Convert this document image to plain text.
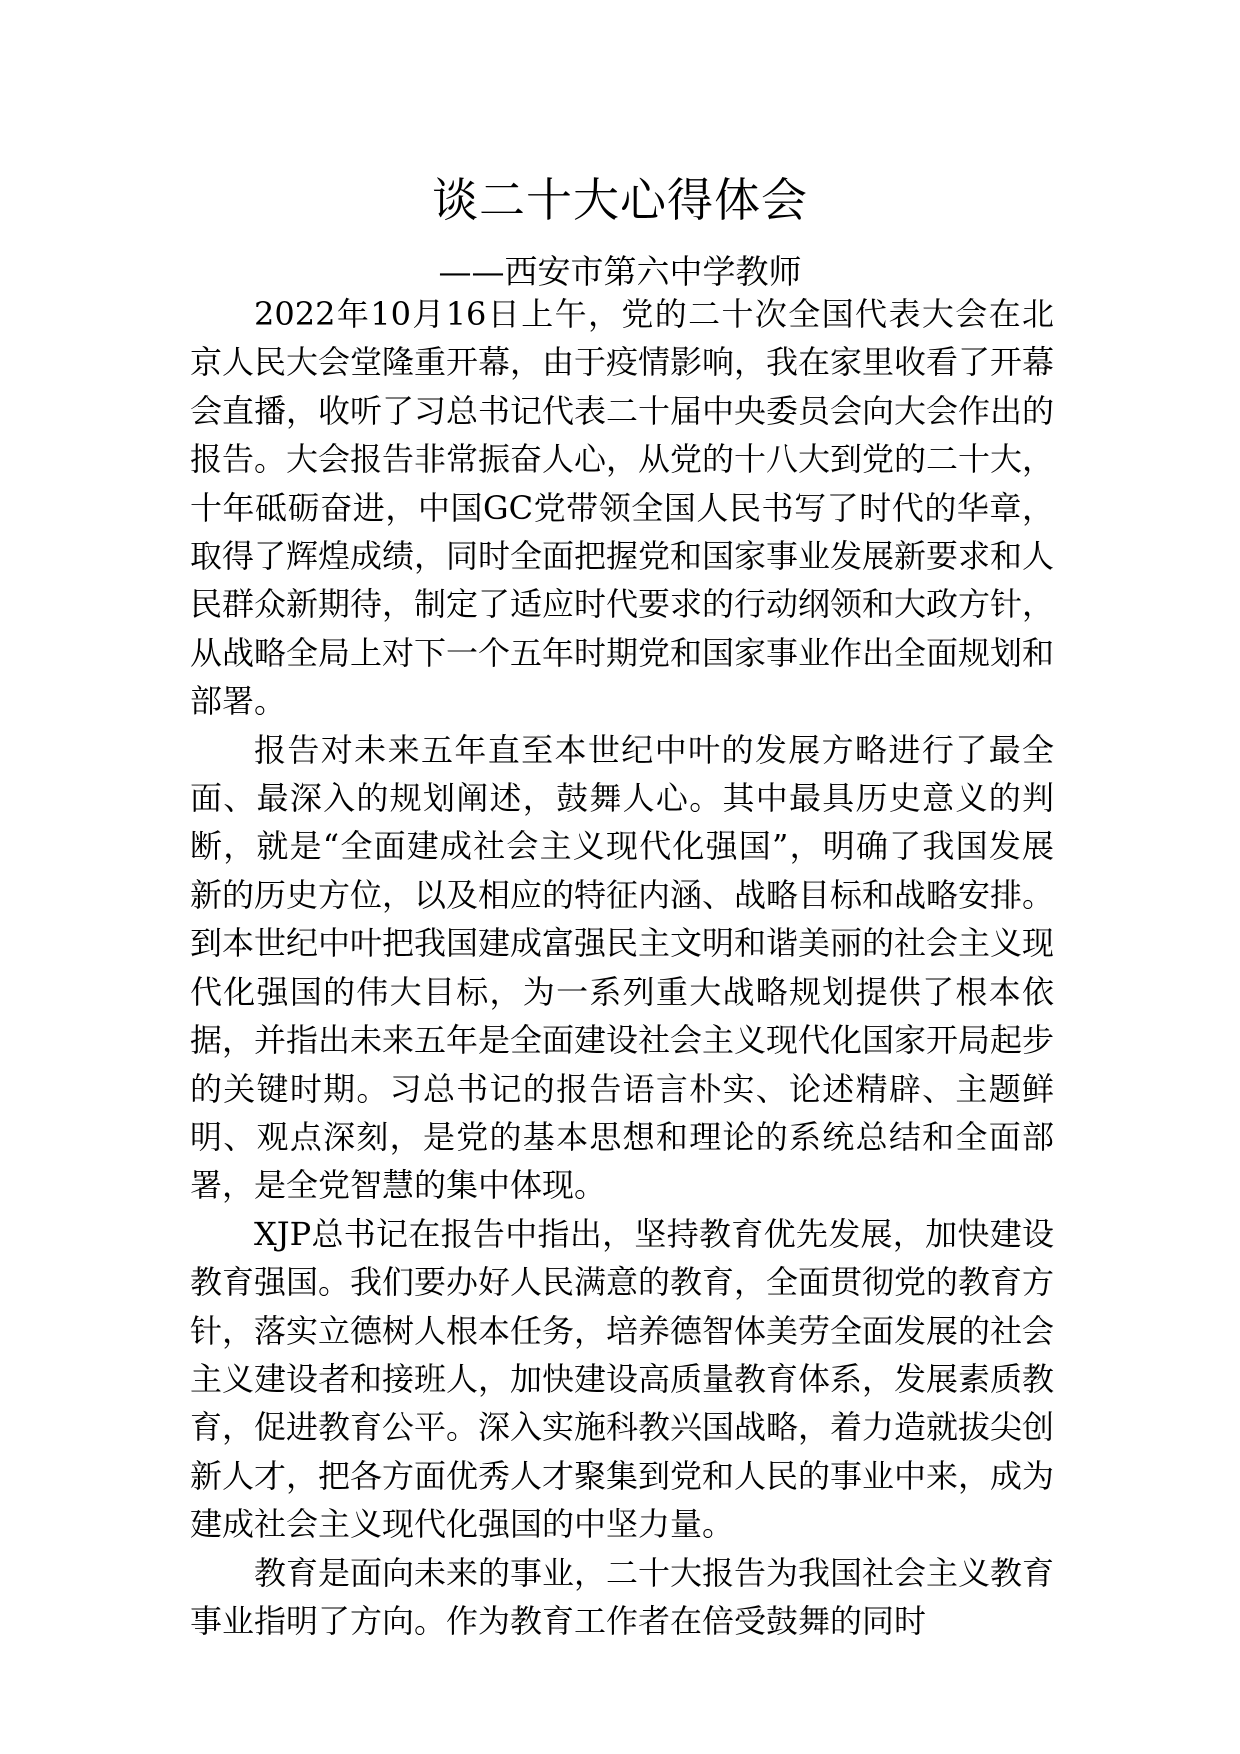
谈二十大心得体会
——西安市第六中学教师

2022年10月16日上午，党的二十次全国代表大会在北京人民大会堂隆重开幕，由于疫情影响，我在家里收看了开幕会直播，收听了习总书记代表二十届中央委员会向大会作出的报告。大会报告非常振奋人心，从党的十八大到党的二十大，十年砥砺奋进，中国GC党带领全国人民书写了时代的华章，取得了辉煌成绩，同时全面把握党和国家事业发展新要求和人民群众新期待，制定了适应时代要求的行动纲领和大政方针，从战略全局上对下一个五年时期党和国家事业作出全面规划和部署。

报告对未来五年直至本世纪中叶的发展方略进行了最全面、最深入的规划阐述，鼓舞人心。其中最具历史意义的判断，就是“全面建成社会主义现代化强国”，明确了我国发展新的历史方位，以及相应的特征内涵、战略目标和战略安排。到本世纪中叶把我国建成富强民主文明和谐美丽的社会主义现代化强国的伟大目标，为一系列重大战略规划提供了根本依据，并指出未来五年是全面建设社会主义现代化国家开局起步的关键时期。习总书记的报告语言朴实、论述精辟、主题鲜明、观点深刻，是党的基本思想和理论的系统总结和全面部署，是全党智慧的集中体现。

XJP总书记在报告中指出，坚持教育优先发展，加快建设教育强国。我们要办好人民满意的教育，全面贯彻党的教育方针，落实立德树人根本任务，培养德智体美劳全面发展的社会主义建设者和接班人，加快建设高质量教育体系，发展素质教育，促进教育公平。深入实施科教兴国战略，着力造就拔尖创新人才，把各方面优秀人才聚集到党和人民的事业中来，成为建成社会主义现代化强国的中坚力量。

教育是面向未来的事业，二十大报告为我国社会主义教育事业指明了方向。作为教育工作者在倍受鼓舞的同时
